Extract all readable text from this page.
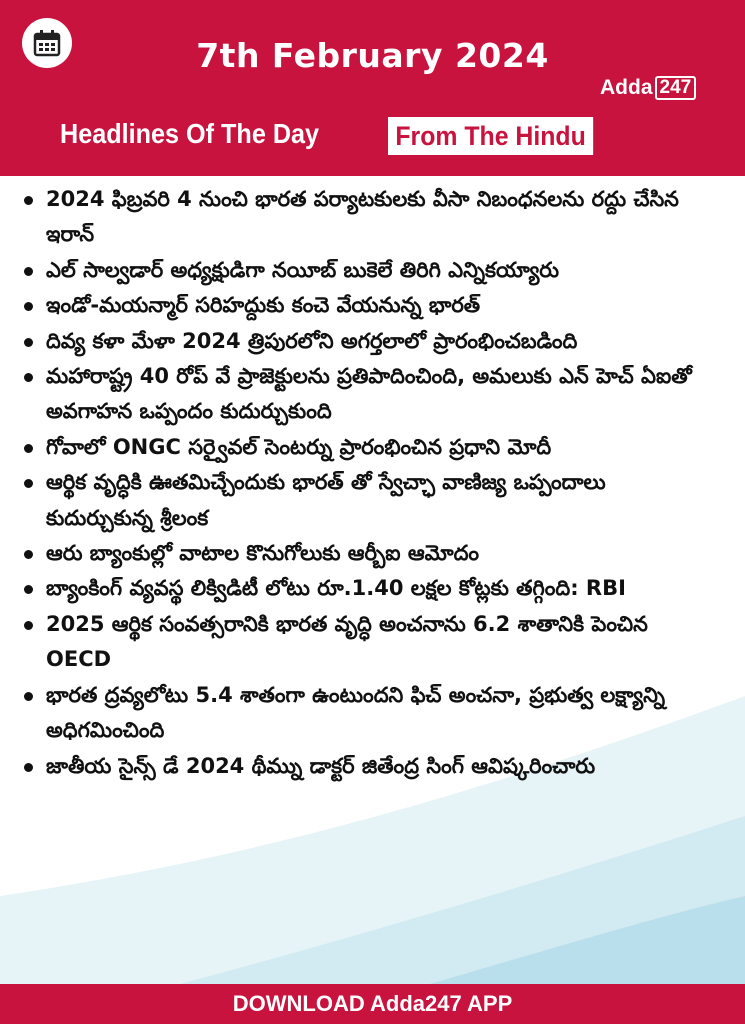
7th February 2024
Adda 247
Headlines Of The Day	From The Hindu
2024 ఫిబ్రవరి 4 నుంచి భారత పర్యాటకులకు వీసా నిబంధనలను రద్దు చేసిన ఇరాన్
ఎల్ సాల్వడార్ అధ్యక్షుడిగా నయీబ్ బుకెలే తిరిగి ఎన్నికయ్యారు
ఇండో-మయన్మార్ సరిహద్దుకు కంచె వేయనున్న భారత్
దివ్య కళా మేళా 2024 త్రిపురలోని అగర్తలాలో ప్రారంభించబడింది
మహారాష్ట్ర 40 రోప్ వే ప్రాజెక్టులను ప్రతిపాదించింది, అమలుకు ఎన్ హెచ్ ఏఐతో అవగాహన ఒప్పందం కుదుర్చుకుంది
గోవాలో ONGC సర్వైవల్ సెంటర్ను ప్రారంభించిన ప్రధాని మోదీ
ఆర్థిక వృద్ధికి ఊతమిచ్చేందుకు భారత్ తో స్వేచ్ఛా వాణిజ్య ఒప్పందాలు కుదుర్చుకున్న శ్రీలంక
ఆరు బ్యాంకుల్లో వాటాల కొనుగోలుకు ఆర్బీఐ ఆమోదం
బ్యాంకింగ్ వ్యవస్థ లిక్విడిటీ లోటు రూ.1.40 లక్షల కోట్లకు తగ్గింది: RBI
2025 ఆర్థిక సంవత్సరానికి భారత వృద్ధి అంచనాను 6.2 శాతానికి పెంచిన OECD
భారత ద్రవ్యలోటు 5.4 శాతంగా ఉంటుందని ఫిచ్ అంచనా, ప్రభుత్వ లక్ష్యాన్ని అధిగమించింది
జాతీయ సైన్స్ డే 2024 థీమ్ను డాక్టర్ జితేంద్ర సింగ్ ఆవిష్కరించారు
DOWNLOAD Adda247 APP
